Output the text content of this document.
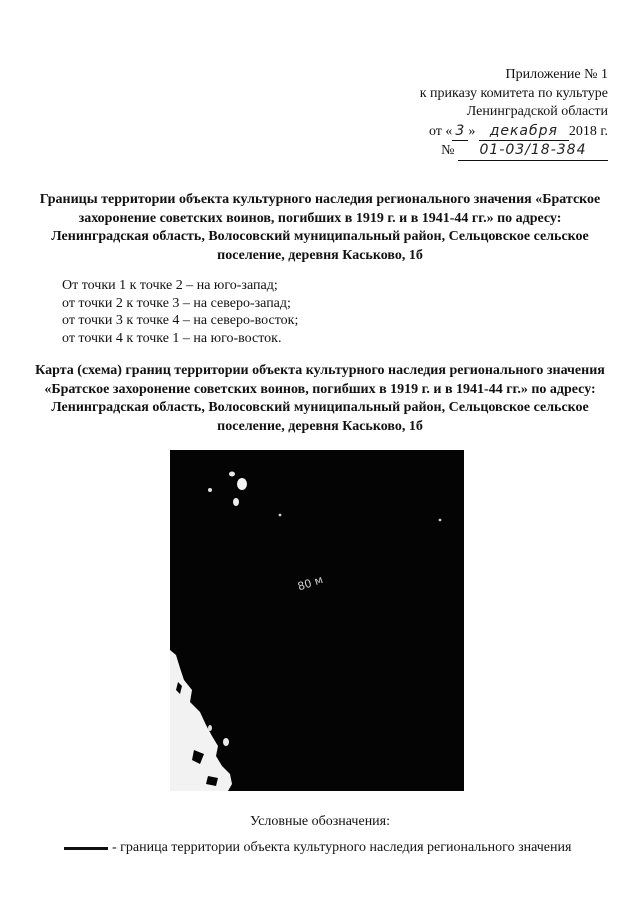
Приложение № 1
к приказу комитета по культуре
Ленинградской области
от « 3 » декабря 2018 г.
№ 01-03/18-384
Границы территории объекта культурного наследия регионального значения «Братское захоронение советских воинов, погибших в 1919 г. и в 1941-44 гг.» по адресу: Ленинградская область, Волосовский муниципальный район, Сельцовское сельское поселение, деревня Каськово, 1б
От точки 1 к точке 2 – на юго-запад;
от точки 2 к точке 3 – на северо-запад;
от точки 3 к точке 4 – на северо-восток;
от точки 4 к точке 1 – на юго-восток.
Карта (схема) границ территории объекта культурного наследия регионального значения «Братское захоронение советских воинов, погибших в 1919 г. и в 1941-44 гг.» по адресу: Ленинградская область, Волосовский муниципальный район, Сельцовское сельское поселение, деревня Каськово, 1б
80 м
Условные обозначения:
- граница территории объекта культурного наследия регионального значения
